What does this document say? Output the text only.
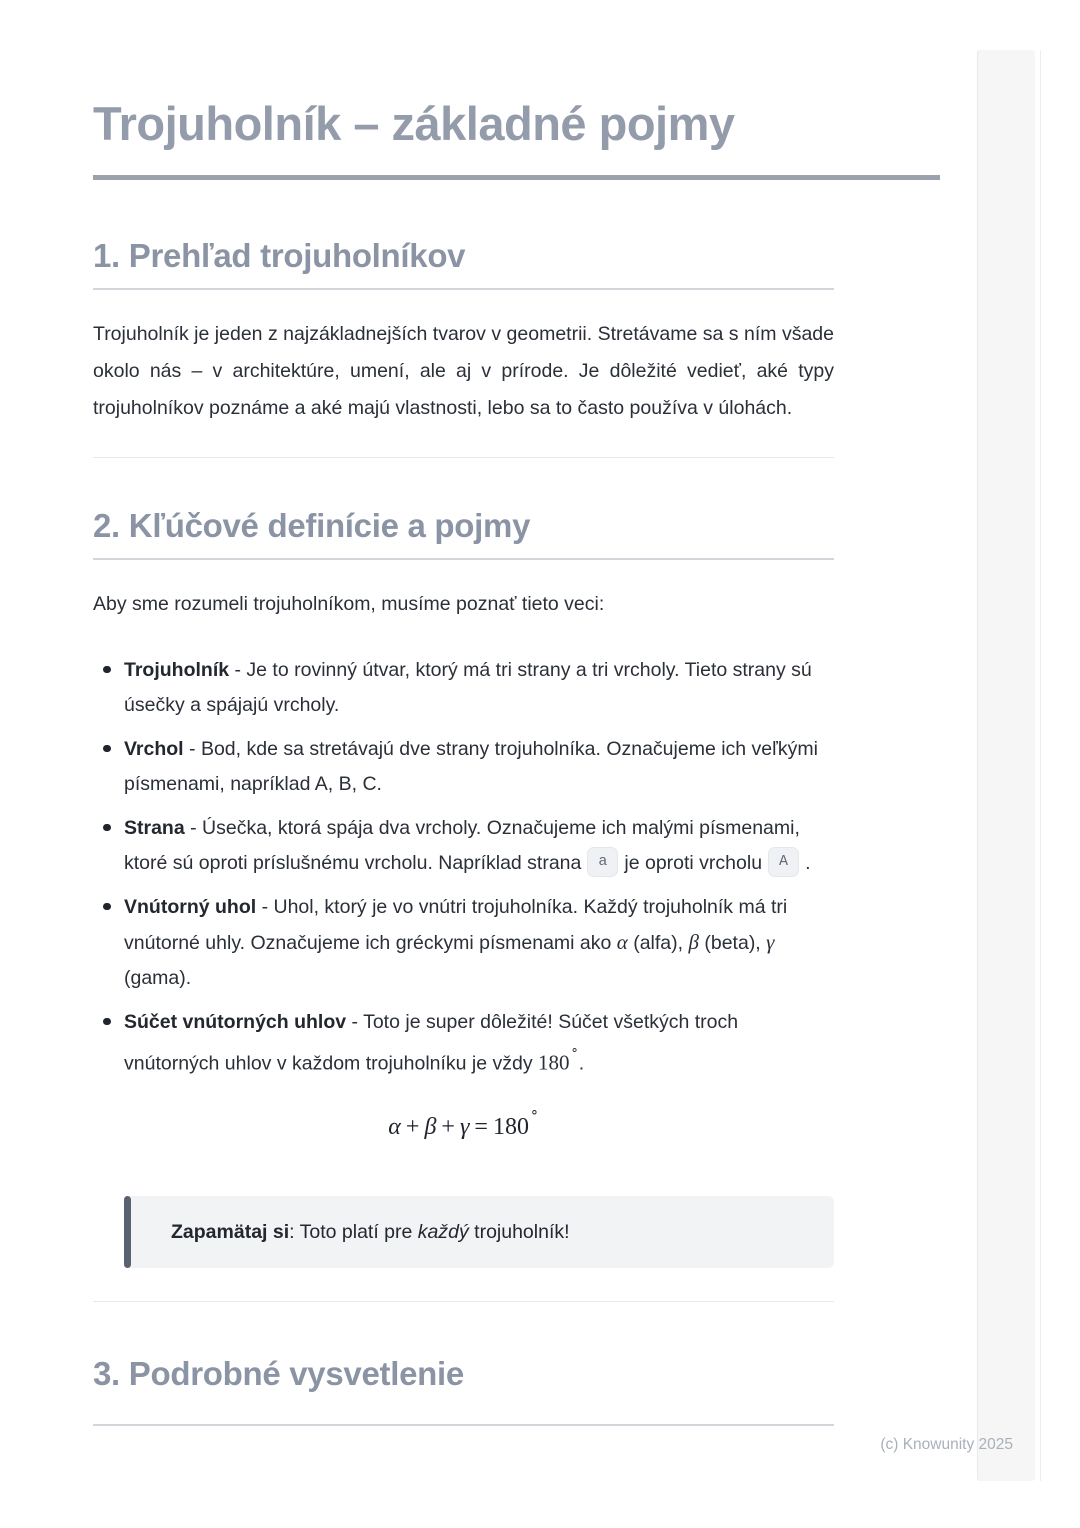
Trojuholník – základné pojmy
1. Prehľad trojuholníkov

Trojuholník je jeden z najzákladnejších tvarov v geometrii. Stretávame sa s ním všade okolo nás – v architektúre, umení, ale aj v prírode. Je dôležité vedieť, aké typy trojuholníkov poznáme a aké majú vlastnosti, lebo sa to často používa v úlohách.

2. Kľúčové definície a pojmy

Aby sme rozumeli trojuholníkom, musíme poznať tieto veci:

Trojuholník - Je to rovinný útvar, ktorý má tri strany a tri vrcholy. Tieto strany sú úsečky a spájajú vrcholy.
Vrchol - Bod, kde sa stretávajú dve strany trojuholníka. Označujeme ich veľkými písmenami, napríklad A, B, C.
Strana - Úsečka, ktorá spája dva vrcholy. Označujeme ich malými písmenami, ktoré sú oproti príslušnému vrcholu. Napríklad strana a je oproti vrcholu A .
Vnútorný uhol - Uhol, ktorý je vo vnútri trojuholníka. Každý trojuholník má tri vnútorné uhly. Označujeme ich gréckymi písmenami ako α (alfa), β (beta), γ (gama).
Súčet vnútorných uhlov - Toto je super dôležité! Súčet všetkých troch vnútorných uhlov v každom trojuholníku je vždy 180∘.
α + β + γ = 180∘

Zapamätaj si: Toto platí pre každý trojuholník!

3. Podrobné vysvetlenie
(c) Knowunity 2025
